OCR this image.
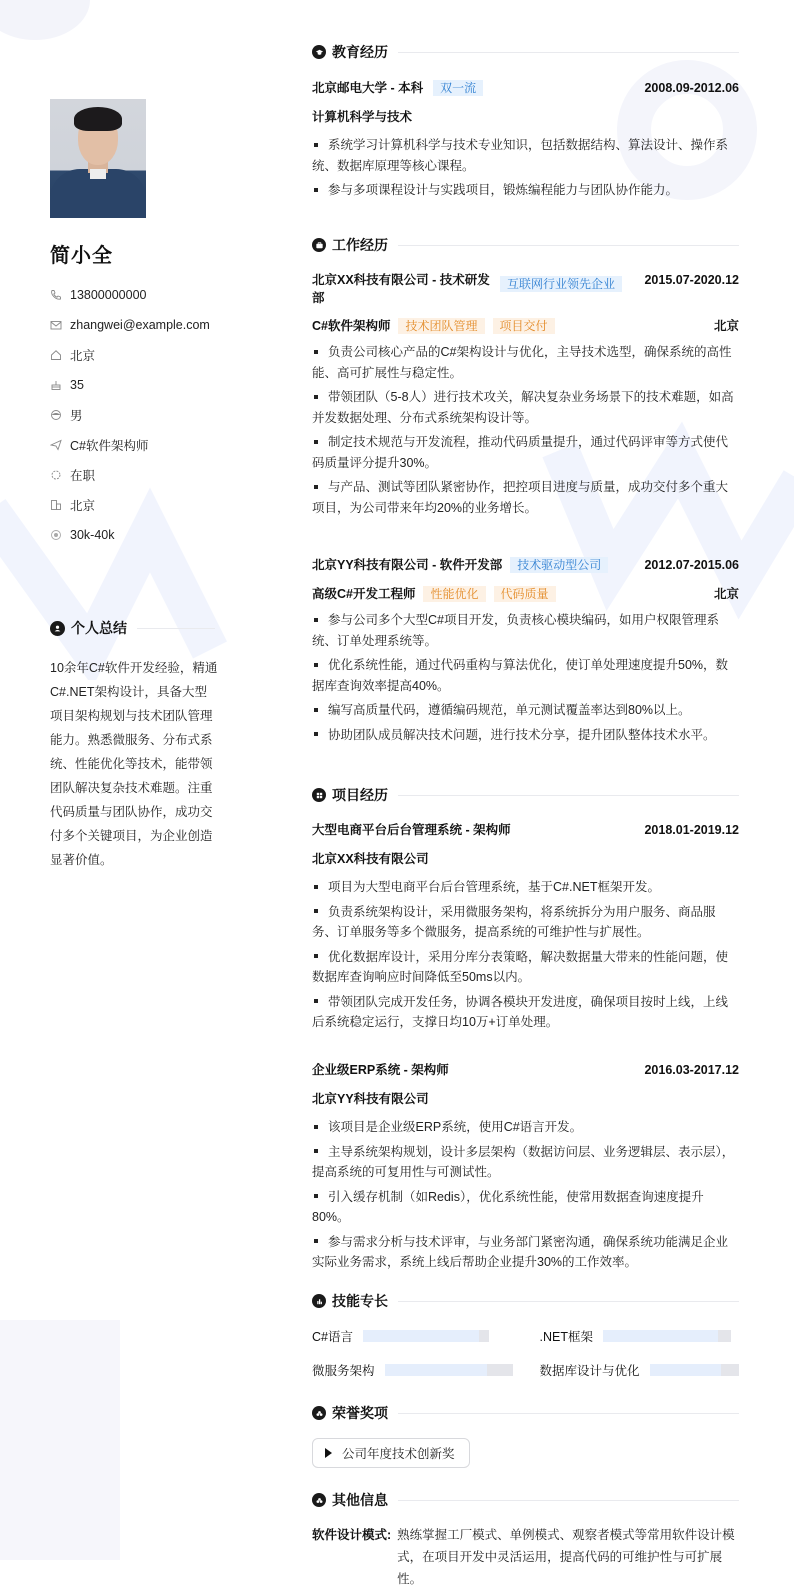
简小全
13800000000
zhangwei@example.com
北京
35
男
C#软件架构师
在职
北京
30k-40k
个人总结
10余年C#软件开发经验，精通C#.NET架构设计，具备大型项目架构规划与技术团队管理能力。熟悉微服务、分布式系统、性能优化等技术，能带领团队解决复杂技术难题。注重代码质量与团队协作，成功交付多个关键项目，为企业创造显著价值。
教育经历
北京邮电大学 - 本科 双一流	2008.09-2012.06
计算机科学与技术
系统学习计算机科学与技术专业知识，包括数据结构、算法设计、操作系统、数据库原理等核心课程。
参与多项课程设计与实践项目，锻炼编程能力与团队协作能力。
工作经历
北京XX科技有限公司 - 技术研发部
互联网行业领先企业	2015.07-2020.12
C#软件架构师 技术团队管理 项目交付	北京
负责公司核心产品的C#架构设计与优化，主导技术选型，确保系统的高性能、高可扩展性与稳定性。
带领团队（5-8人）进行技术攻关，解决复杂业务场景下的技术难题，如高并发数据处理、分布式系统架构设计等。
制定技术规范与开发流程，推动代码质量提升，通过代码评审等方式使代码质量评分提升30%。
与产品、测试等团队紧密协作，把控项目进度与质量，成功交付多个重大项目，为公司带来年均20%的业务增长。
北京YY科技有限公司 - 软件开发部 技术驱动型公司	2012.07-2015.06
高级C#开发工程师 性能优化 代码质量	北京
参与公司多个大型C#项目开发，负责核心模块编码，如用户权限管理系统、订单处理系统等。
优化系统性能，通过代码重构与算法优化，使订单处理速度提升50%，数据库查询效率提高40%。
编写高质量代码，遵循编码规范，单元测试覆盖率达到80%以上。
协助团队成员解决技术问题，进行技术分享，提升团队整体技术水平。
项目经历
大型电商平台后台管理系统 - 架构师	2018.01-2019.12
北京XX科技有限公司
项目为大型电商平台后台管理系统，基于C#.NET框架开发。
负责系统架构设计，采用微服务架构，将系统拆分为用户服务、商品服务、订单服务等多个微服务，提高系统的可维护性与扩展性。
优化数据库设计，采用分库分表策略，解决数据量大带来的性能问题，使数据库查询响应时间降低至50ms以内。
带领团队完成开发任务，协调各模块开发进度，确保项目按时上线，上线后系统稳定运行，支撑日均10万+订单处理。
企业级ERP系统 - 架构师	2016.03-2017.12
北京YY科技有限公司
该项目是企业级ERP系统，使用C#语言开发。
主导系统架构规划，设计多层架构（数据访问层、业务逻辑层、表示层），提高系统的可复用性与可测试性。
引入缓存机制（如Redis），优化系统性能，使常用数据查询速度提升80%。
参与需求分析与技术评审，与业务部门紧密沟通，确保系统功能满足企业实际业务需求，系统上线后帮助企业提升30%的工作效率。
技能专长
C#语言	.NET框架
微服务架构	数据库设计与优化
荣誉奖项
公司年度技术创新奖
其他信息
软件设计模式: 熟练掌握工厂模式、单例模式、观察者模式等常用软件设计模式，在项目开发中灵活运用，提高代码的可维护性与可扩展性。
